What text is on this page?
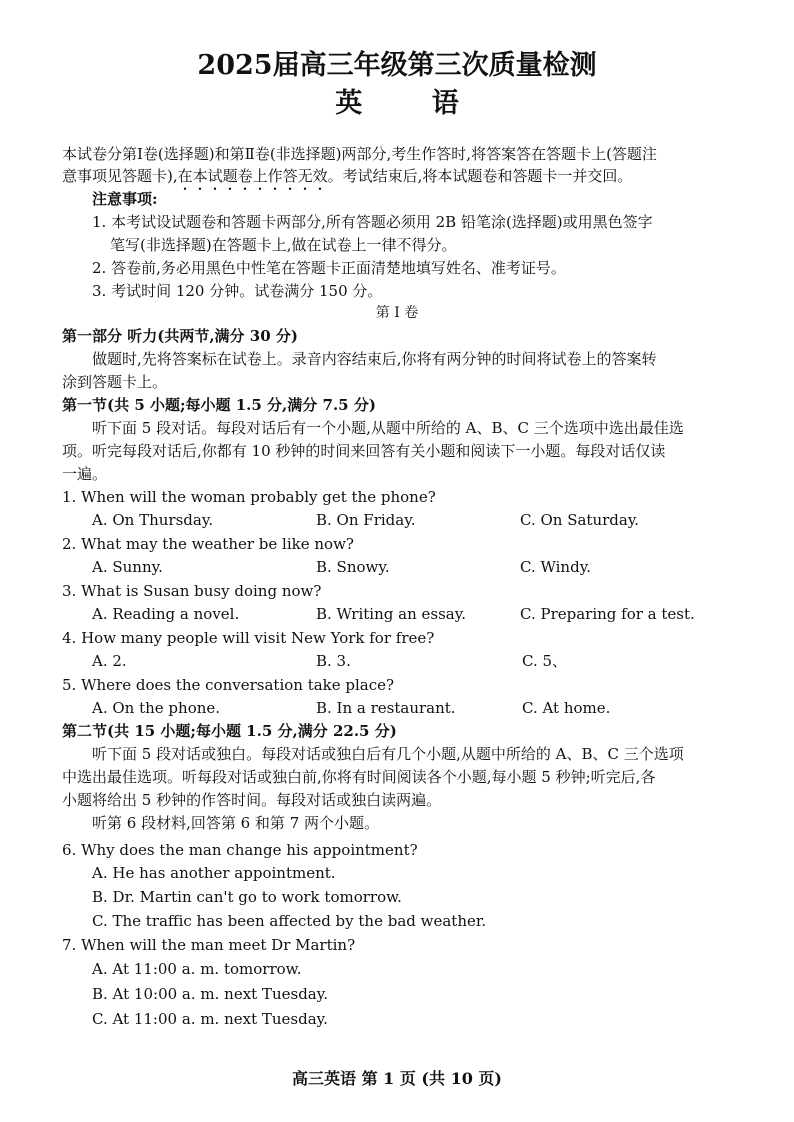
2025届高三年级第三次质量检测
英 语
本试卷分第Ⅰ卷(选择题)和第Ⅱ卷(非选择题)两部分,考生作答时,将答案答在答题卡上(答题注
意事项见答题卡),在本试题卷上作答无效。考试结束后,将本试题卷和答题卡一并交回。
注意事项:
1. 本考试设试题卷和答题卡两部分,所有答题必须用 2B 铅笔涂(选择题)或用黑色签字
笔写(非选择题)在答题卡上,做在试卷上一律不得分。
2. 答卷前,务必用黑色中性笔在答题卡正面清楚地填写姓名、准考证号。
3. 考试时间 120 分钟。试卷满分 150 分。
第 Ⅰ 卷
第一部分 听力(共两节,满分 30 分)
做题时,先将答案标在试卷上。录音内容结束后,你将有两分钟的时间将试卷上的答案转
涂到答题卡上。
第一节(共 5 小题;每小题 1.5 分,满分 7.5 分)
听下面 5 段对话。每段对话后有一个小题,从题中所给的 A、B、C 三个选项中选出最佳选
项。听完每段对话后,你都有 10 秒钟的时间来回答有关小题和阅读下一小题。每段对话仅读
一遍。
1. When will the woman probably get the phone?
A. On Thursday.	B. On Friday.	C. On Saturday.
2. What may the weather be like now?
A. Sunny.	B. Snowy.	C. Windy.
3. What is Susan busy doing now?
A. Reading a novel.	B. Writing an essay.	C. Preparing for a test.
4. How many people will visit New York for free?
A. 2.	B. 3.	C. 5、
5. Where does the conversation take place?
A. On the phone.	B. In a restaurant.	C. At home.
第二节(共 15 小题;每小题 1.5 分,满分 22.5 分)
听下面 5 段对话或独白。每段对话或独白后有几个小题,从题中所给的 A、B、C 三个选项
中选出最佳选项。听每段对话或独白前,你将有时间阅读各个小题,每小题 5 秒钟;听完后,各
小题将给出 5 秒钟的作答时间。每段对话或独白读两遍。
听第 6 段材料,回答第 6 和第 7 两个小题。
6. Why does the man change his appointment?
A. He has another appointment.
B. Dr. Martin can't go to work tomorrow.
C. The traffic has been affected by the bad weather.
7. When will the man meet Dr Martin?
A. At 11:00 a. m. tomorrow.
B. At 10:00 a. m. next Tuesday.
C. At 11:00 a. m. next Tuesday.
高三英语 第 1 页 (共 10 页)
